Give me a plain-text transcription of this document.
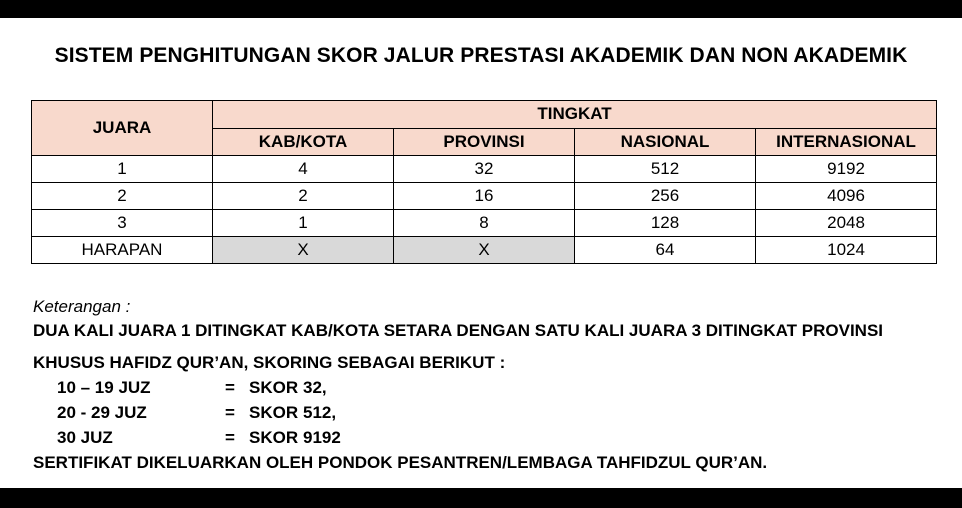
SISTEM PENGHITUNGAN SKOR JALUR PRESTASI AKADEMIK DAN NON AKADEMIK
JUARA	TINGKAT			
	KAB/KOTA	PROVINSI	NASIONAL	INTERNASIONAL
1	4	32	512	9192
2	2	16	256	4096
3	1	8	128	2048
HARAPAN	X	X	64	1024
Keterangan :
DUA KALI JUARA 1 DITINGKAT KAB/KOTA SETARA DENGAN SATU KALI JUARA 3 DITINGKAT PROVINSI
KHUSUS HAFIDZ QUR’AN, SKORING SEBAGAI BERIKUT :
10 – 19 JUZ	= SKOR 32,
20 - 29 JUZ	= SKOR 512,
30 JUZ	= SKOR 9192
SERTIFIKAT DIKELUARKAN OLEH PONDOK PESANTREN/LEMBAGA TAHFIDZUL QUR’AN.
